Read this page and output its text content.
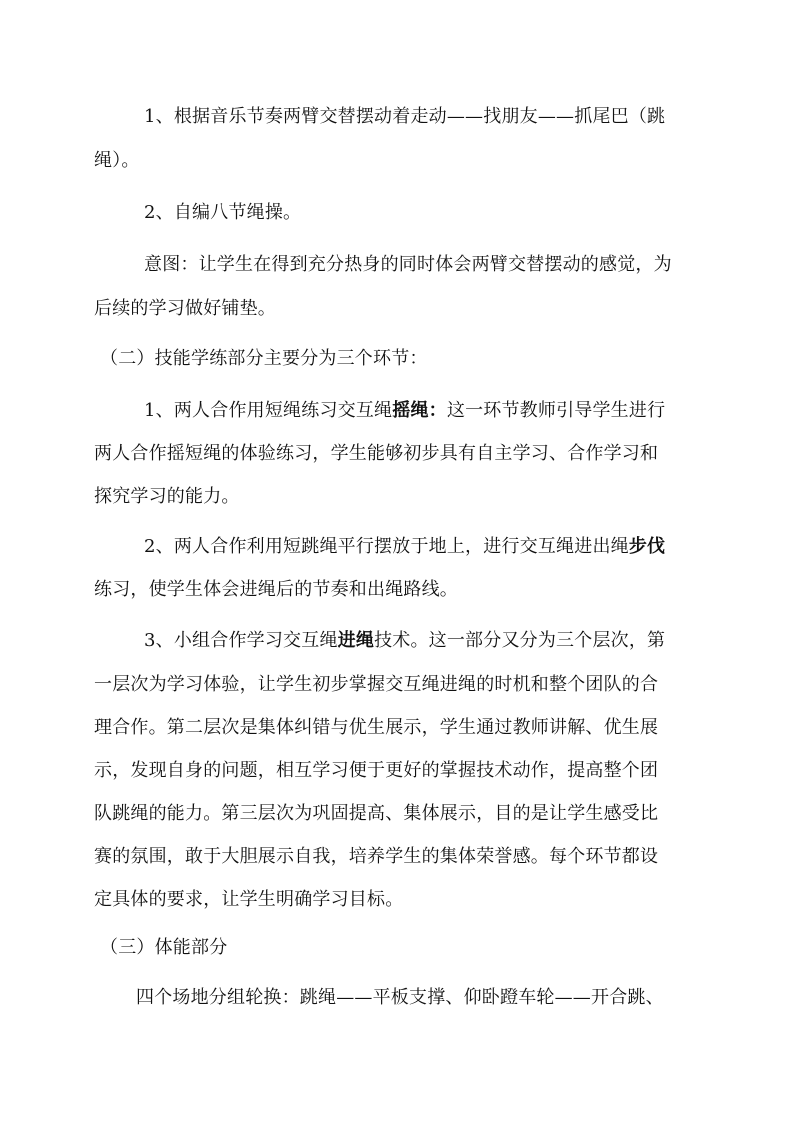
1、根据音乐节奏两臂交替摆动着走动——找朋友——抓尾巴（跳
绳）。
2、自编八节绳操。
意图：让学生在得到充分热身的同时体会两臂交替摆动的感觉，为
后续的学习做好铺垫。
（二）技能学练部分主要分为三个环节：
1、两人合作用短绳练习交互绳摇绳：这一环节教师引导学生进行
两人合作摇短绳的体验练习，学生能够初步具有自主学习、合作学习和
探究学习的能力。
2、两人合作利用短跳绳平行摆放于地上，进行交互绳进出绳步伐
练习，使学生体会进绳后的节奏和出绳路线。
3、小组合作学习交互绳进绳技术。这一部分又分为三个层次，第
一层次为学习体验，让学生初步掌握交互绳进绳的时机和整个团队的合
理合作。第二层次是集体纠错与优生展示，学生通过教师讲解、优生展
示，发现自身的问题，相互学习便于更好的掌握技术动作，提高整个团
队跳绳的能力。第三层次为巩固提高、集体展示，目的是让学生感受比
赛的氛围，敢于大胆展示自我，培养学生的集体荣誉感。每个环节都设
定具体的要求，让学生明确学习目标。
（三）体能部分
四个场地分组轮换：跳绳——平板支撑、仰卧蹬车轮——开合跳、
